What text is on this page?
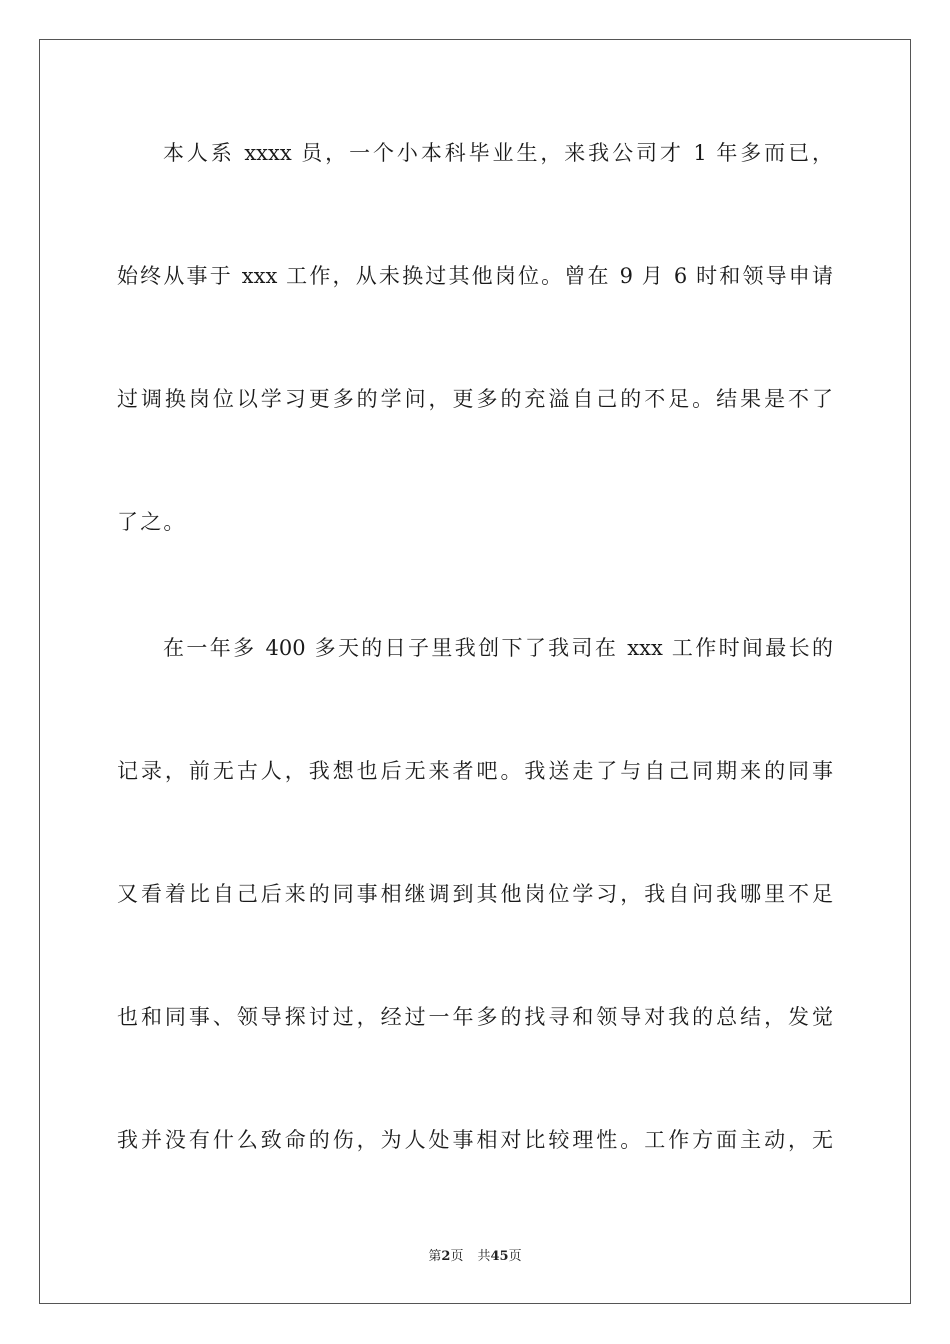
本人系 xxxx 员，一个小本科毕业生，来我公司才 1 年多而已，
始终从事于 xxx 工作，从未换过其他岗位。曾在 9 月 6 时和领导申请
过调换岗位以学习更多的学问，更多的充溢自己的不足。结果是不了
了之。
在一年多 400 多天的日子里我创下了我司在 xxx 工作时间最长的
记录，前无古人，我想也后无来者吧。我送走了与自己同期来的同事
又看着比自己后来的同事相继调到其他岗位学习，我自问我哪里不足
也和同事、领导探讨过，经过一年多的找寻和领导对我的总结，发觉
我并没有什么致命的伤，为人处事相对比较理性。工作方面主动，无
第2页 共45页
